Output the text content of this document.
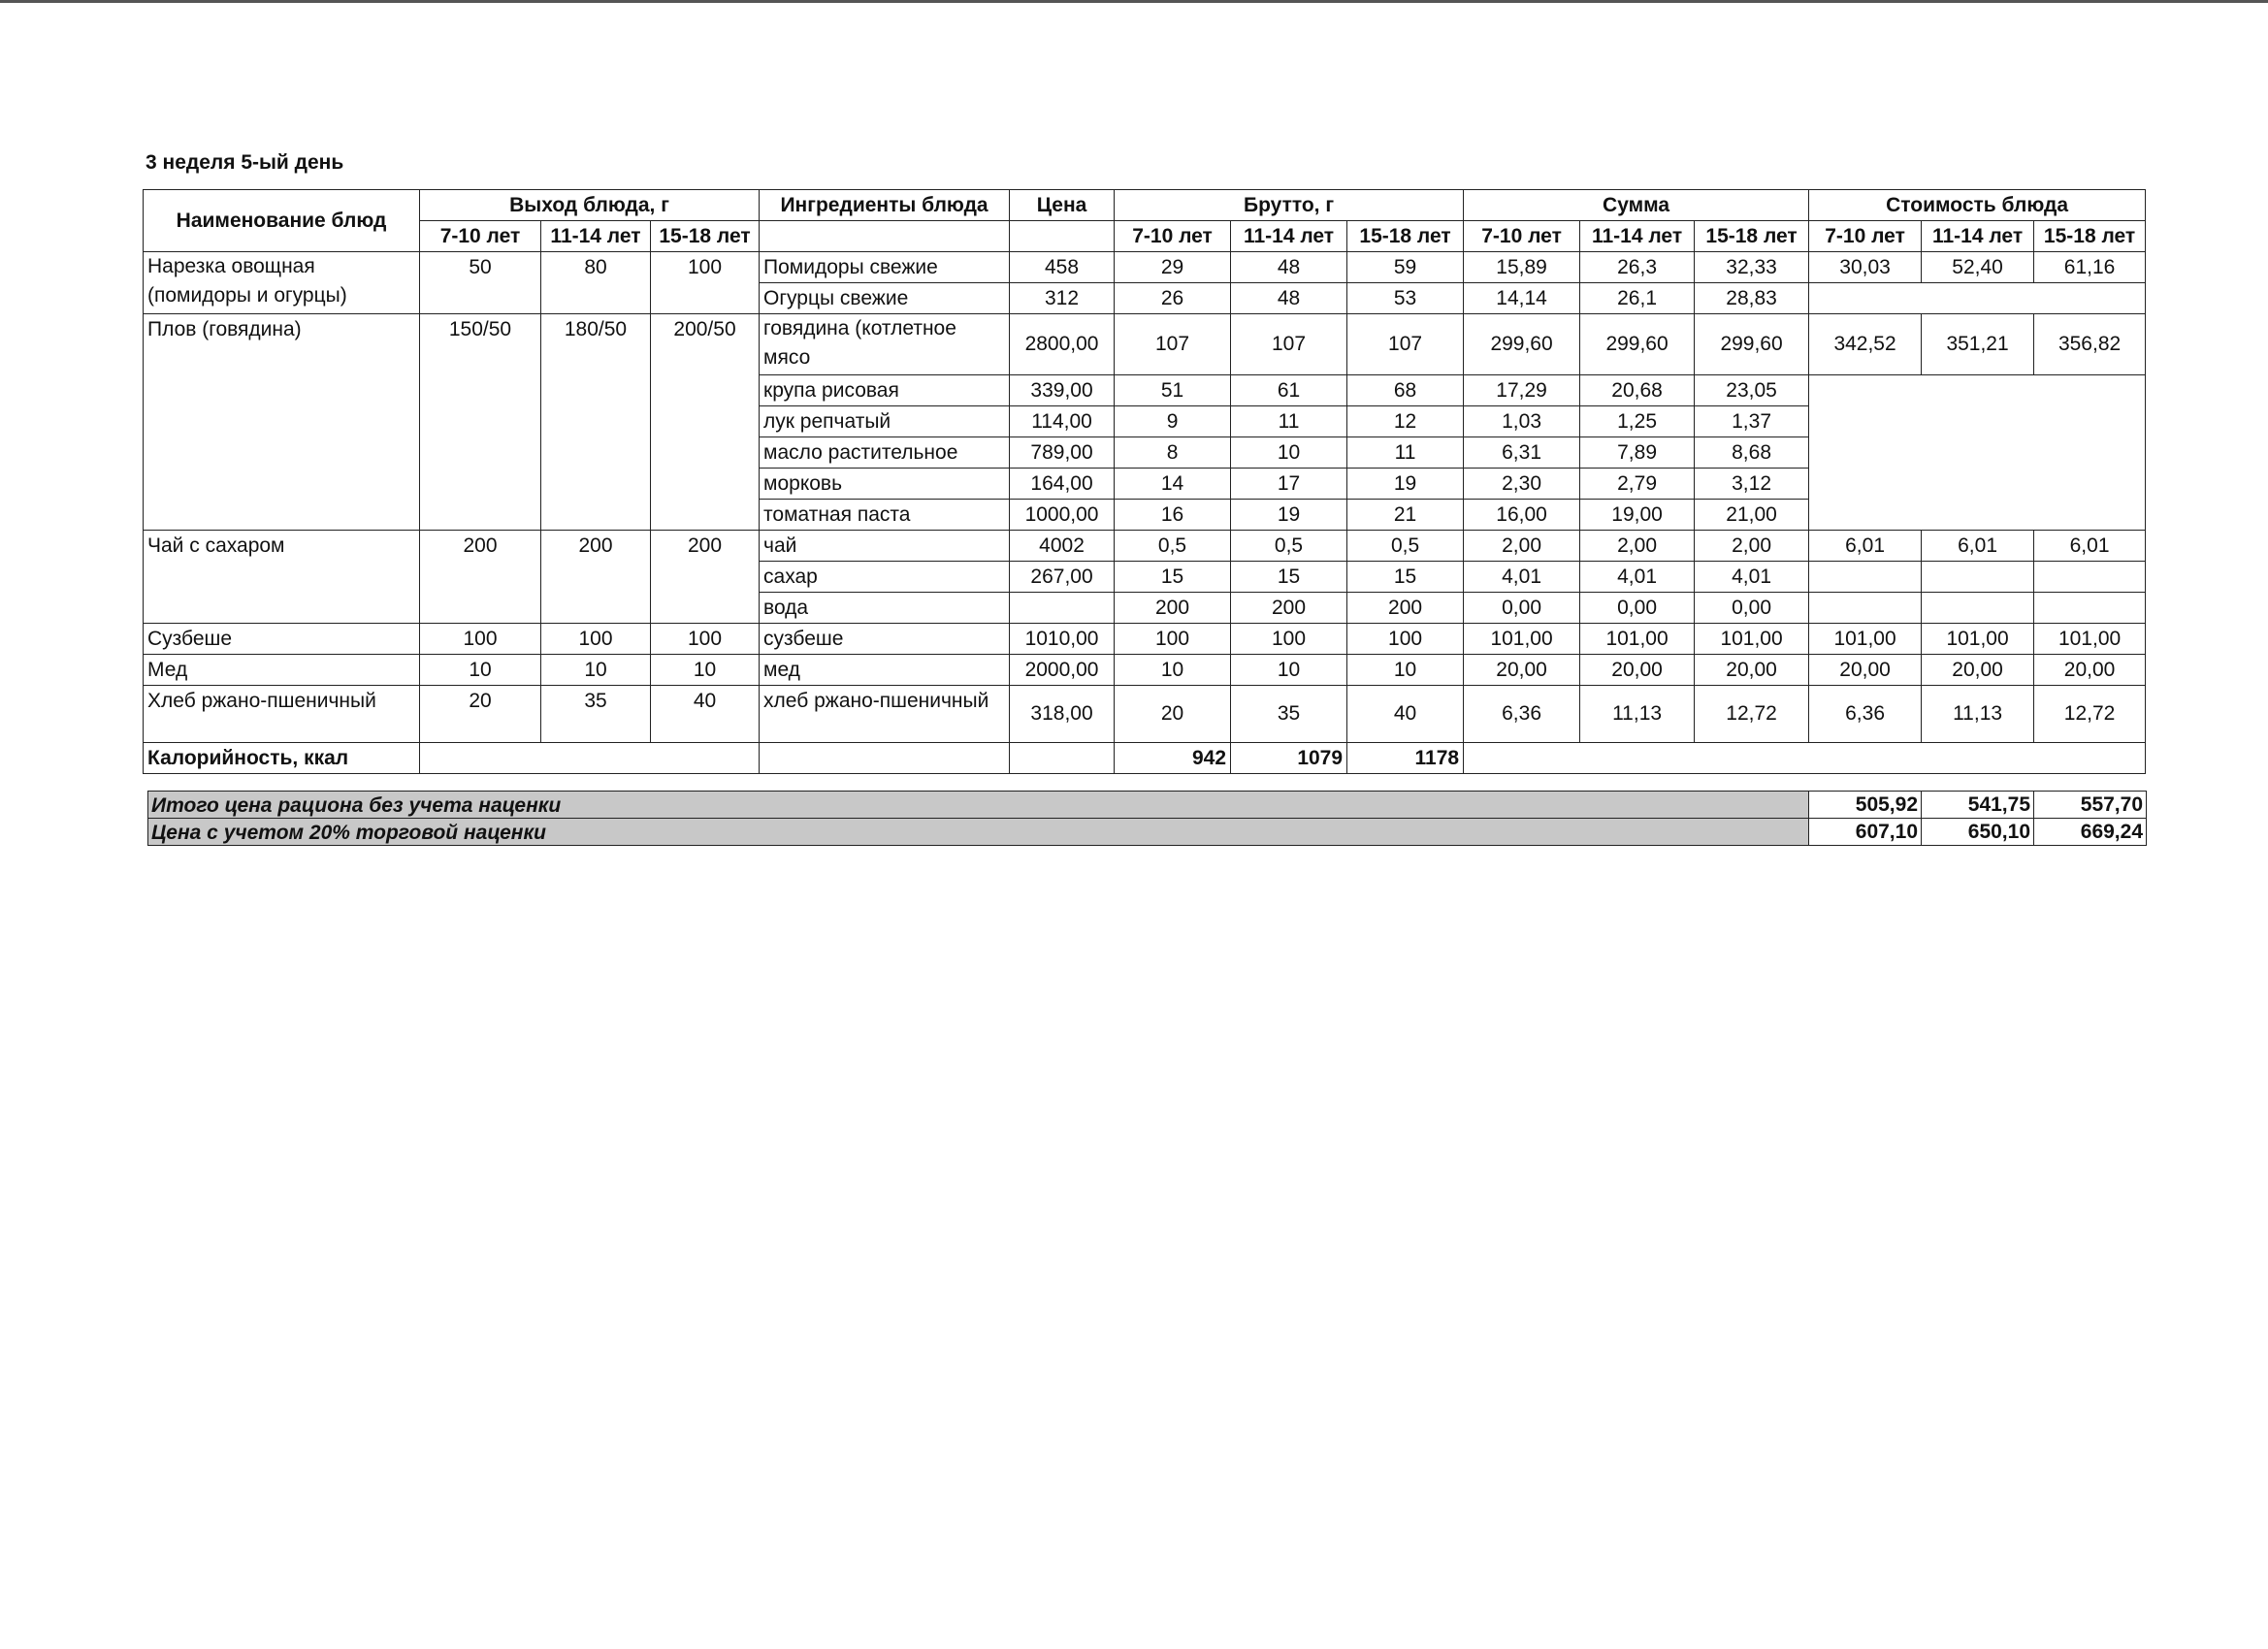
3 неделя 5-ый день
Наименование блюд	Выход блюда, г			Ингредиенты блюда	Цена	Брутто, г			Сумма			Стоимость блюда		
	7-10 лет	11-14 лет	15-18 лет			7-10 лет	11-14 лет	15-18 лет	7-10 лет	11-14 лет	15-18 лет	7-10 лет	11-14 лет	15-18 лет
Нарезка овощная (помидоры и огурцы)	50	80	100	Помидоры свежие	458	29	48	59	15,89	26,3	32,33	30,03	52,40	61,16
				Огурцы свежие	312	26	48	53	14,14	26,1	28,83			
Плов (говядина)	150/50	180/50	200/50	говядина (котлетное мясо	2800,00	107	107	107	299,60	299,60	299,60	342,52	351,21	356,82
				крупа рисовая	339,00	51	61	68	17,29	20,68	23,05			
				лук репчатый	114,00	9	11	12	1,03	1,25	1,37			
				масло растительное	789,00	8	10	11	6,31	7,89	8,68			
				морковь	164,00	14	17	19	2,30	2,79	3,12			
				томатная паста	1000,00	16	19	21	16,00	19,00	21,00			
Чай с сахаром	200	200	200	чай	4002	0,5	0,5	0,5	2,00	2,00	2,00	6,01	6,01	6,01
				сахар	267,00	15	15	15	4,01	4,01	4,01			
				вода		200	200	200	0,00	0,00	0,00			
Сузбеше	100	100	100	сузбеше	1010,00	100	100	100	101,00	101,00	101,00	101,00	101,00	101,00
Мед	10	10	10	мед	2000,00	10	10	10	20,00	20,00	20,00	20,00	20,00	20,00
Хлеб ржано-пшеничный	20	35	40	хлеб ржано-пшеничный	318,00	20	35	40	6,36	11,13	12,72	6,36	11,13	12,72
Калорийность, ккал						942	1079	1178						
Итого цена рациона без учета наценки	505,92	541,75	557,70
Цена с учетом 20% торговой наценки	607,10	650,10	669,24
